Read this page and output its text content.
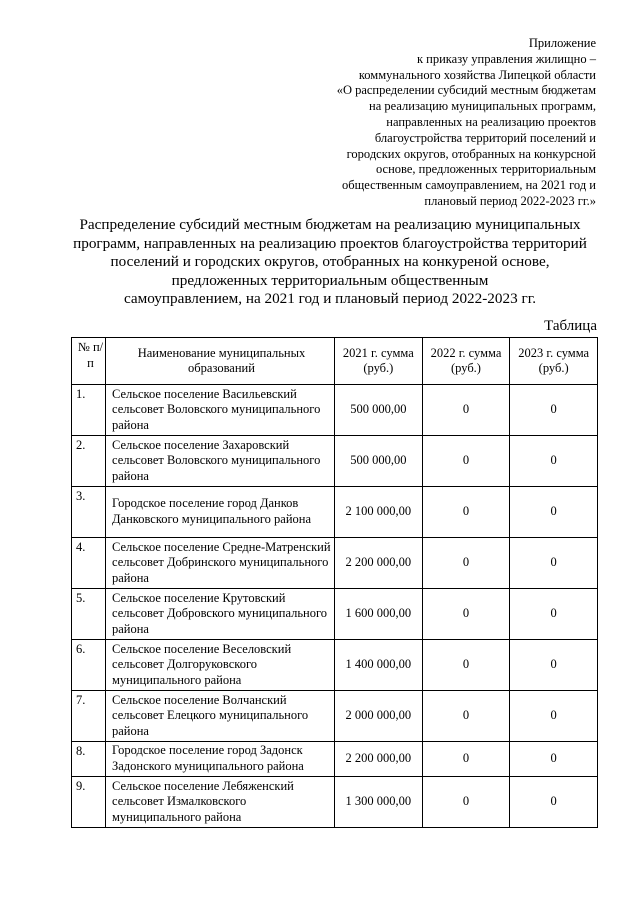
Приложение
к приказу управления жилищно –
коммунального хозяйства Липецкой области
«О распределении субсидий местным бюджетам
на реализацию муниципальных программ,
направленных на реализацию проектов
благоустройства территорий поселений и
городских округов, отобранных на конкурсной
основе, предложенных территориальным
общественным самоуправлением, на 2021 год и
плановый период 2022-2023 гг.»
Распределение субсидий местным бюджетам на реализацию муниципальных
программ, направленных на реализацию проектов благоустройства территорий
поселений и городских округов, отобранных на конкуреной основе,
предложенных территориальным общественным
самоуправлением, на 2021 год и плановый период 2022-2023 гг.
Таблица
№ п/п	Наименование муниципальных образований	2021 г. сумма (руб.)	2022 г. сумма (руб.)	2023 г. сумма (руб.)
1.	Сельское поселение Васильевский сельсовет Воловского муниципального района	500 000,00	0	0
2.	Сельское поселение Захаровский сельсовет Воловского муниципального района	500 000,00	0	0
3.	Городское поселение город Данков Данковского муниципального района	2 100 000,00	0	0
4.	Сельское поселение Средне-Матренский сельсовет Добринского муниципального района	2 200 000,00	0	0
5.	Сельское поселение Крутовский сельсовет Добровского муниципального района	1 600 000,00	0	0
6.	Сельское поселение Веселовский сельсовет Долгоруковского муниципального района	1 400 000,00	0	0
7.	Сельское поселение Волчанский сельсовет Елецкого муниципального района	2 000 000,00	0	0
8.	Городское поселение город Задонск Задонского муниципального района	2 200 000,00	0	0
9.	Сельское поселение Лебяженский сельсовет Измалковского муниципального района	1 300 000,00	0	0
